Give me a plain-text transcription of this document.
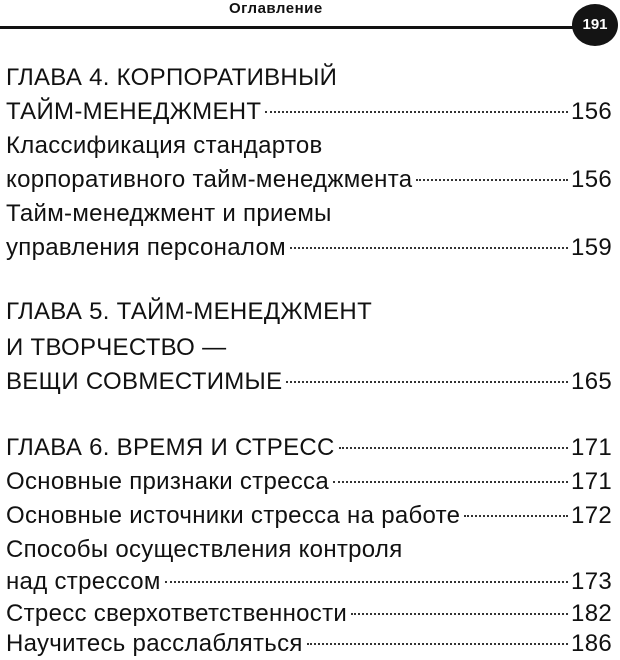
Оглавление
191
ГЛАВА 4. КОРПОРАТИВНЫЙ
ТАЙМ-МЕНЕДЖМЕНТ	156
Классификация стандартов
корпоративного тайм-менеджмента	156
Тайм-менеджмент и приемы
управления персоналом	159
ГЛАВА 5. ТАЙМ-МЕНЕДЖМЕНТ
И ТВОРЧЕСТВО —
ВЕЩИ СОВМЕСТИМЫЕ	165
ГЛАВА 6. ВРЕМЯ И СТРЕСС	171
Основные признаки стресса	171
Основные источники стресса на работе	172
Способы осуществления контроля
над стрессом	173
Стресс сверхответственности	182
Научитесь расслабляться	186
